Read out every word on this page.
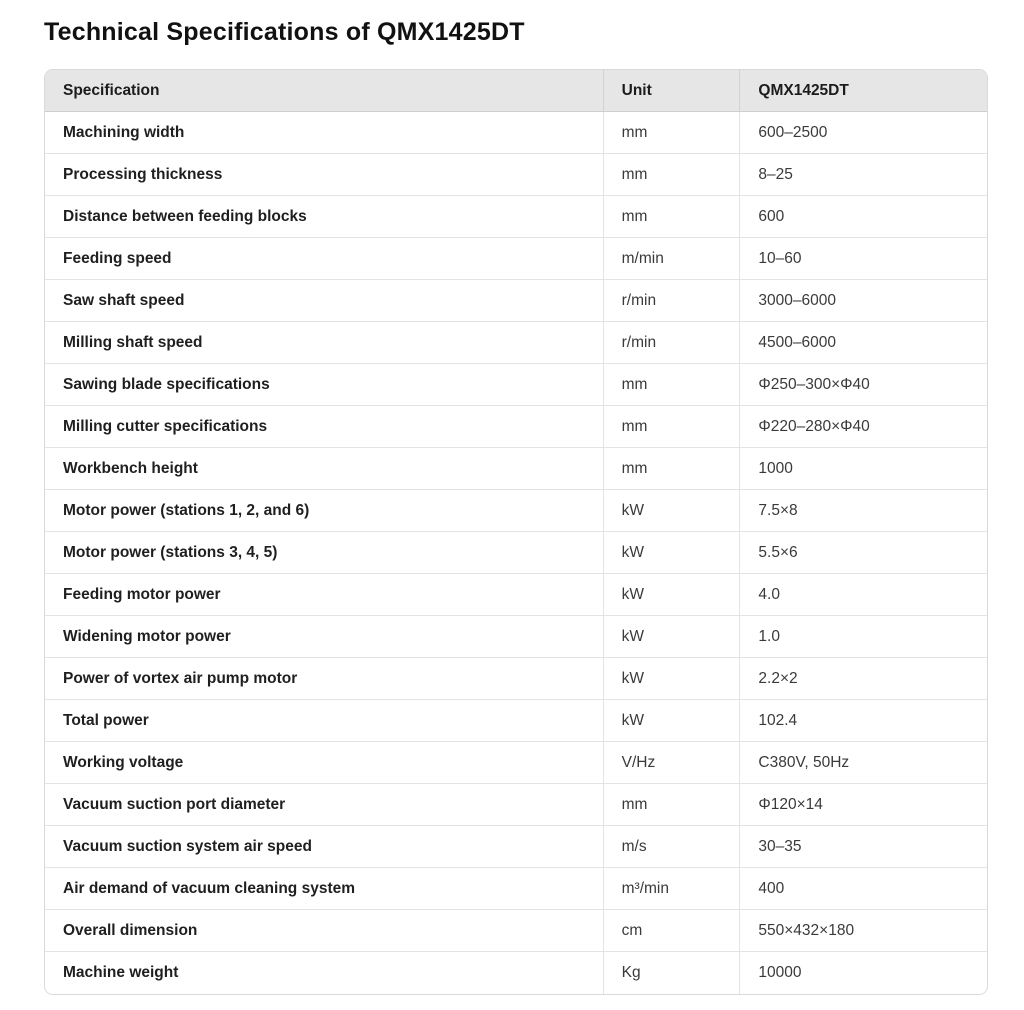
Technical Specifications of QMX1425DT
Specification	Unit	QMX1425DT
Machining width	mm	600–2500
Processing thickness	mm	8–25
Distance between feeding blocks	mm	600
Feeding speed	m/min	10–60
Saw shaft speed	r/min	3000–6000
Milling shaft speed	r/min	4500–6000
Sawing blade specifications	mm	Φ250–300×Φ40
Milling cutter specifications	mm	Φ220–280×Φ40
Workbench height	mm	1000
Motor power (stations 1, 2, and 6)	kW	7.5×8
Motor power (stations 3, 4, 5)	kW	5.5×6
Feeding motor power	kW	4.0
Widening motor power	kW	1.0
Power of vortex air pump motor	kW	2.2×2
Total power	kW	102.4
Working voltage	V/Hz	C380V, 50Hz
Vacuum suction port diameter	mm	Φ120×14
Vacuum suction system air speed	m/s	30–35
Air demand of vacuum cleaning system	m³/min	400
Overall dimension	cm	550×432×180
Machine weight	Kg	10000
